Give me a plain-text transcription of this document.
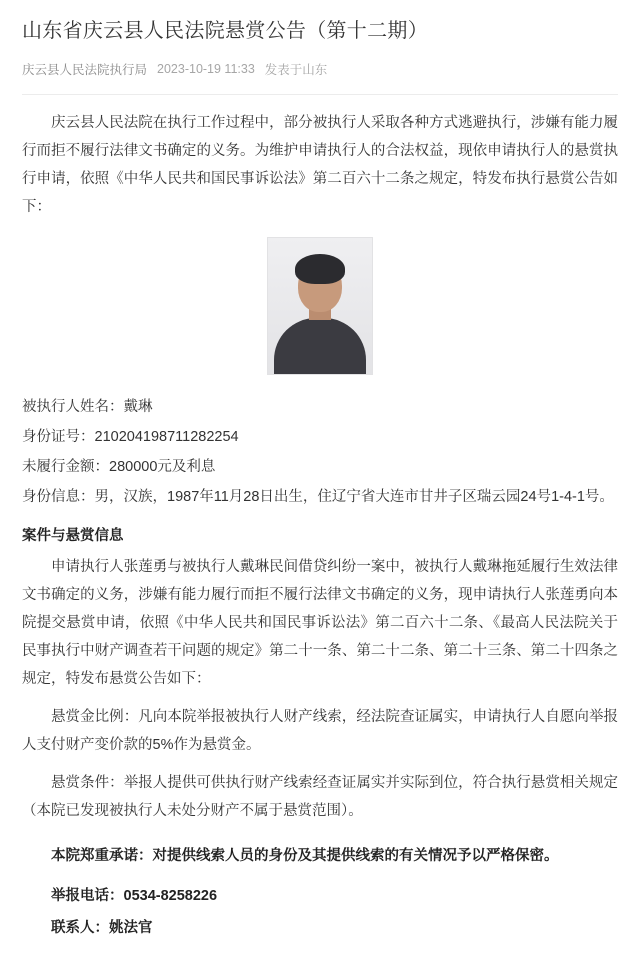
山东省庆云县人民法院悬赏公告（第十二期）
庆云县人民法院执行局 2023-10-19 11:33 发表于山东

庆云县人民法院在执行工作过程中，部分被执行人采取各种方式逃避执行，涉嫌有能力履行而拒不履行法律文书确定的义务。为维护申请执行人的合法权益，现依申请执行人的悬赏执行申请，依照《中华人民共和国民事诉讼法》第二百六十二条之规定，特发布执行悬赏公告如下：

被执行人姓名：戴琳

身份证号：210204198711282254

未履行金额：280000元及利息

身份信息：男，汉族，1987年11月28日出生，住辽宁省大连市甘井子区瑞云园24号1-4-1号。

案件与悬赏信息

申请执行人张莲勇与被执行人戴琳民间借贷纠纷一案中，被执行人戴琳拖延履行生效法律文书确定的义务，涉嫌有能力履行而拒不履行法律文书确定的义务，现申请执行人张莲勇向本院提交悬赏申请，依照《中华人民共和国民事诉讼法》第二百六十二条、《最高人民法院关于民事执行中财产调查若干问题的规定》第二十一条、第二十二条、第二十三条、第二十四条之规定，特发布悬赏公告如下：

悬赏金比例：凡向本院举报被执行人财产线索，经法院查证属实，申请执行人自愿向举报人支付财产变价款的5%作为悬赏金。

悬赏条件：举报人提供可供执行财产线索经查证属实并实际到位，符合执行悬赏相关规定（本院已发现被执行人未处分财产不属于悬赏范围）。

本院郑重承诺：对提供线索人员的身份及其提供线索的有关情况予以严格保密。

举报电话：0534-8258226

联系人：姚法官
